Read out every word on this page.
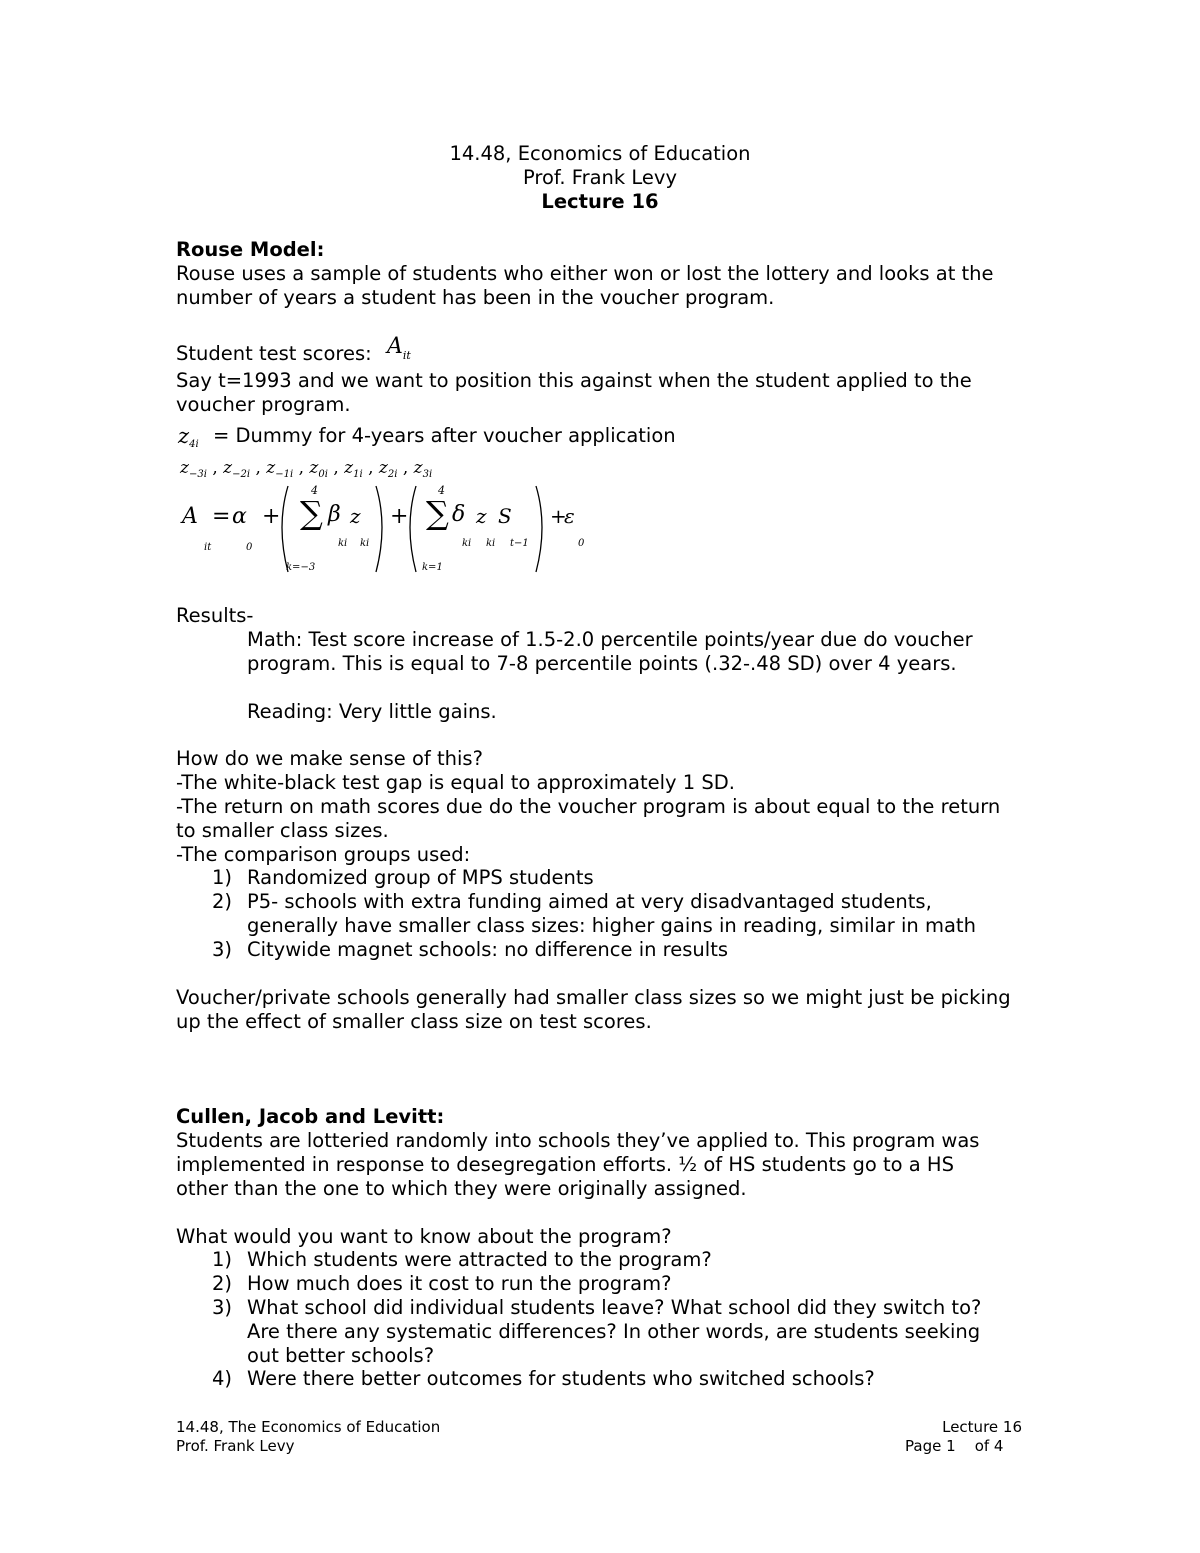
14.48, Economics of Education
Prof. Frank Levy
Lecture 16
Rouse Model:
Rouse uses a sample of students who either won or lost the lottery and looks at the
number of years a student has been in the voucher program.
Student test scores: $A_{it}$
Say t=1993 and we want to position this against when the student applied to the
voucher program.
$z_{4i}$ = Dummy for 4-years after voucher application
$z_{-3i}$ , $z_{-2i}$ , $z_{-1i}$ , $z_{0i}$ , $z_{1i}$ , $z_{2i}$ , $z_{3i}$
A
it
= α
0
+
4
∑
k=−3
β
ki
z
ki
+
4
∑
k=1
δ
ki
z
ki
S
t−1
+
ε
0
Results-
Math: Test score increase of 1.5-2.0 percentile points/year due do voucher
program. This is equal to 7-8 percentile points (.32-.48 SD) over 4 years.
Reading: Very little gains.
How do we make sense of this?
-The white-black test gap is equal to approximately 1 SD.
-The return on math scores due do the voucher program is about equal to the return
to smaller class sizes.
-The comparison groups used:
1) Randomized group of MPS students
2) P5- schools with extra funding aimed at very disadvantaged students,
generally have smaller class sizes: higher gains in reading, similar in math
3) Citywide magnet schools: no difference in results
Voucher/private schools generally had smaller class sizes so we might just be picking
up the effect of smaller class size on test scores.
Cullen, Jacob and Levitt:
Students are lotteried randomly into schools they’ve applied to. This program was
implemented in response to desegregation efforts. ½ of HS students go to a HS
other than the one to which they were originally assigned.
What would you want to know about the program?
1) Which students were attracted to the program?
2) How much does it cost to run the program?
3) What school did individual students leave? What school did they switch to?
Are there any systematic differences? In other words, are students seeking
out better schools?
4) Were there better outcomes for students who switched schools?
14.48, The Economics of Education
Prof. Frank Levy
Lecture 16
Page 1    of 4
